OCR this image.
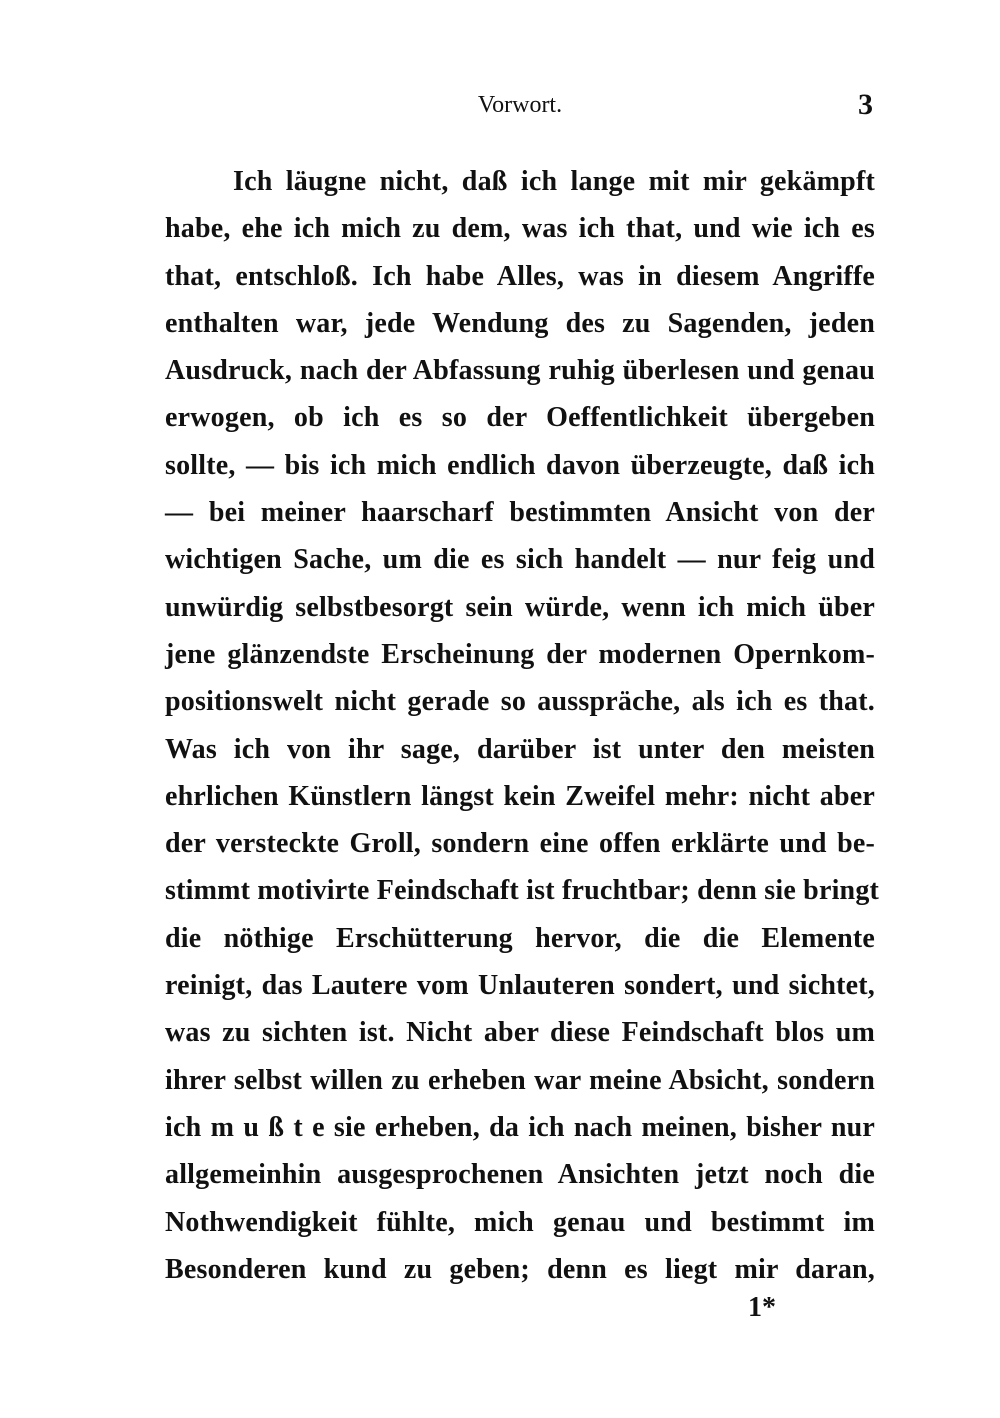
Vorwort.	3
Ich läugne nicht, daß ich lange mit mir gekämpft
habe, ehe ich mich zu dem, was ich that, und wie ich es
that, entschloß. Ich habe Alles, was in diesem Angriffe
enthalten war, jede Wendung des zu Sagenden, jeden
Ausdruck, nach der Abfassung ruhig überlesen und genau
erwogen, ob ich es so der Oeffentlichkeit übergeben
sollte, — bis ich mich endlich davon überzeugte, daß ich
— bei meiner haarscharf bestimmten Ansicht von der
wichtigen Sache, um die es sich handelt — nur feig und
unwürdig selbstbesorgt sein würde, wenn ich mich über
jene glänzendste Erscheinung der modernen Opernkom-
positionswelt nicht gerade so ausspräche, als ich es that.
Was ich von ihr sage, darüber ist unter den meisten
ehrlichen Künstlern längst kein Zweifel mehr: nicht aber
der versteckte Groll, sondern eine offen erklärte und be-
stimmt motivirte Feindschaft ist fruchtbar; denn sie bringt
die nöthige Erschütterung hervor, die die Elemente
reinigt, das Lautere vom Unlauteren sondert, und sichtet,
was zu sichten ist. Nicht aber diese Feindschaft blos um
ihrer selbst willen zu erheben war meine Absicht, sondern
ich m u ß t e sie erheben, da ich nach meinen, bisher nur
allgemeinhin ausgesprochenen Ansichten jetzt noch die
Nothwendigkeit fühlte, mich genau und bestimmt im
Besonderen kund zu geben; denn es liegt mir daran,
1*
